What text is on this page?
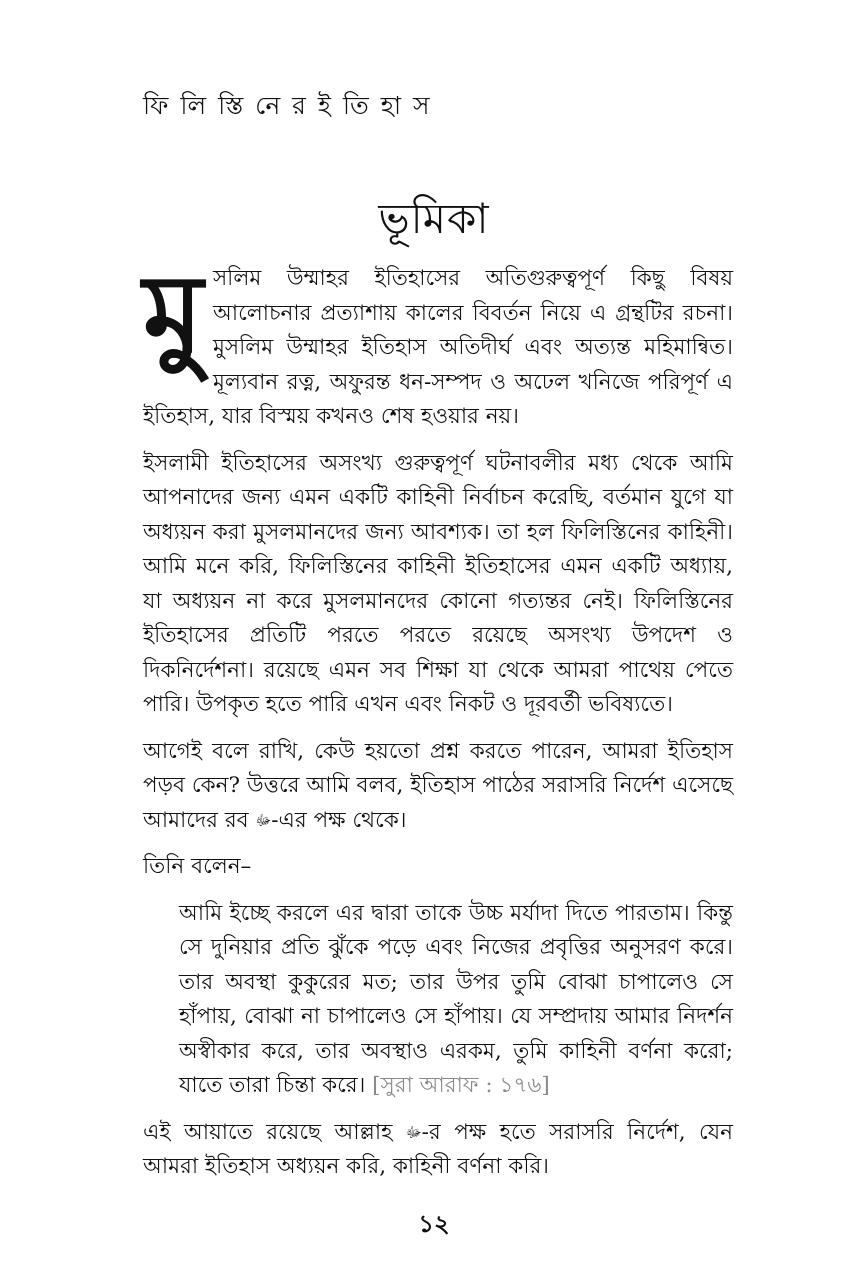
ফি লি স্তি নে র ই তি হা স
ভূমিকা

মুসলিম উম্মাহর ইতিহাসের অতিগুরুত্বপূর্ণ কিছু বিষয় আলোচনার প্রত্যাশায় কালের বিবর্তন নিয়ে এ গ্রন্থটির রচনা। মুসলিম উম্মাহর ইতিহাস অতিদীর্ঘ এবং অত্যন্ত মহিমান্বিত। মূল্যবান রত্ন, অফুরন্ত ধন-সম্পদ ও অঢেল খনিজে পরিপূর্ণ এ ইতিহাস, যার বিস্ময় কখনও শেষ হওয়ার নয়।

ইসলামী ইতিহাসের অসংখ্য গুরুত্বপূর্ণ ঘটনাবলীর মধ্য থেকে আমি আপনাদের জন্য এমন একটি কাহিনী নির্বাচন করেছি, বর্তমান যুগে যা অধ্যয়ন করা মুসলমানদের জন্য আবশ্যক। তা হল ফিলিস্তিনের কাহিনী। আমি মনে করি, ফিলিস্তিনের কাহিনী ইতিহাসের এমন একটি অধ্যায়, যা অধ্যয়ন না করে মুসলমানদের কোনো গত্যন্তর নেই। ফিলিস্তিনের ইতিহাসের প্রতিটি পরতে পরতে রয়েছে অসংখ্য উপদেশ ও দিকনির্দেশনা। রয়েছে এমন সব শিক্ষা যা থেকে আমরা পাথেয় পেতে পারি। উপকৃত হতে পারি এখন এবং নিকট ও দূরবর্তী ভবিষ্যতে।

আগেই বলে রাখি, কেউ হয়তো প্রশ্ন করতে পারেন, আমরা ইতিহাস পড়ব কেন? উত্তরে আমি বলব, ইতিহাস পাঠের সরাসরি নির্দেশ এসেছে আমাদের রব ﷻ-এর পক্ষ থেকে।

তিনি বলেন–

আমি ইচ্ছে করলে এর দ্বারা তাকে উচ্চ মর্যাদা দিতে পারতাম। কিন্তু সে দুনিয়ার প্রতি ঝুঁকে পড়ে এবং নিজের প্রবৃত্তির অনুসরণ করে। তার অবস্থা কুকুরের মত; তার উপর তুমি বোঝা চাপালেও সে হাঁপায়, বোঝা না চাপালেও সে হাঁপায়। যে সম্প্রদায় আমার নিদর্শন অস্বীকার করে, তার অবস্থাও এরকম, তুমি কাহিনী বর্ণনা করো; যাতে তারা চিন্তা করে। [সুরা আরাফ : ১৭৬]

এই আয়াতে রয়েছে আল্লাহ ﷻ-র পক্ষ হতে সরাসরি নির্দেশ, যেন আমরা ইতিহাস অধ্যয়ন করি, কাহিনী বর্ণনা করি।

১২
